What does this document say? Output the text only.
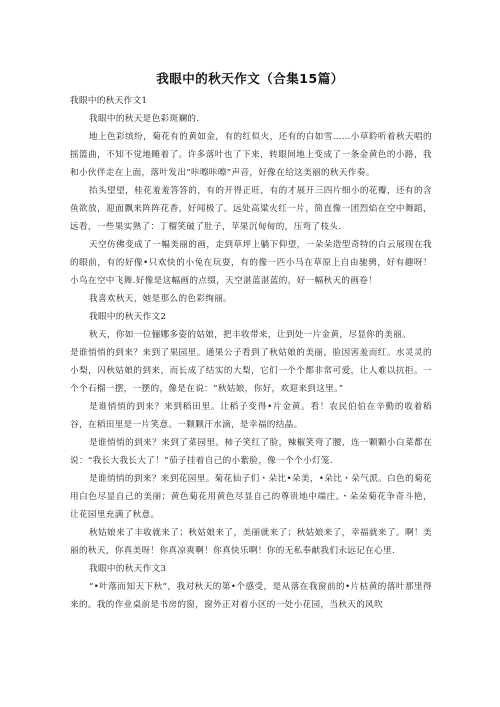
我眼中的秋天作文（合集15篇）

我眼中的秋天作文1

我眼中的秋天是色彩斑斓的.

地上色彩缤纷，菊花有的黄如金，有的红似火，还有的白如雪……小草聆听着秋天唱的摇篮曲，不知不觉地睡着了。许多落叶也了下来，转眼间地上变成了一条金黄色的小路，我和小伙伴走在上面，落叶发出“咔嚓咔嚓”声音，好像在给这美丽的秋天作奏。

抬头望望，桂花羞羞答答的，有的开得正旺，有的才展开三四片细小的花瓣，还有的含鱼欲放，迎面飘来阵阵花香，好闻极了。远处高粱火红一片，简直像一团烈焰在空中舞蹈，远看，一些果实熟了：丁榴笑破了肚子，苹果沉甸甸的，压弯了枝头.

天空仿佛变成了一幅美丽的画，走到草坪上躺下仰望，一朵朵造型奇特的白云展现在我的眼前，有的好像•只欢快的小兔在玩耍，有的像一匹小马在草原上自由驰骋，好有趣呀！小鸟在空中飞舞.好像是这幅画的点缀，天空湛蓝湛蓝的，好一幅秋天的画卷！

我喜欢秋天，她是那么的色彩绚丽。

我眼中的秋天作文2

秋天，你如一位俪娜多姿的姑娘，把丰收带来，让到处一片金黄，尽显你的美丽。

是谁悄悄的到来？来到了果园里。通果公子看到了秋姑娘的美丽，脸因害羞而红。水灵灵的小梨，闪秋姑娘的到来，而长成了结实的大梨，它们一个个都非常可爱，让人难以抗拒。一个个石榴一摆，一摆的，像是在说：“秋姑娘，你好，欢迎来到这里。”

是谁悄悄的到来？来到稻田里。让稻子变得•片金黄。看！农民伯伯在辛勤的收着稻谷，在稻田里是一片笑意。一颗颗汗水滴，是幸福的结晶。

是谁悄悄的到来？来到了菜园里。柿子笑红了脸，辣椒笑弯了腰，连一颗颗小白菜都在说：“我长大我长大了！”茄子挂着自己的小紫脸，像一个个小灯笼.

是谁悄悄的到来？来到花园里。菊花仙子们・朵比•朵美，•朵比・朵气派。白色的菊花用白色尽显自己的美丽；黄色菊花用黄色尽显自己的尊贵地中端庄。・朵朵菊花争奇斗艳，让花园里充满了秋意。

秋姑娘来了丰收就来了；秋姑娘来了，美丽就来了；秋姑娘来了，幸福就来了。啊！美丽的秋天，你真美呀！你真凉爽啊！你真快乐啊！你的无私奉献我们永远记在心里.

我眼中的秋天作文3

“•叶落而知天下秋”，我对秋天的第•个感受，是从落在我窗前的•片枯黄的落叶那里得来的。我的作业桌前是书房的窗，窗外正对着小区的一处小花园，当秋天的风吹
